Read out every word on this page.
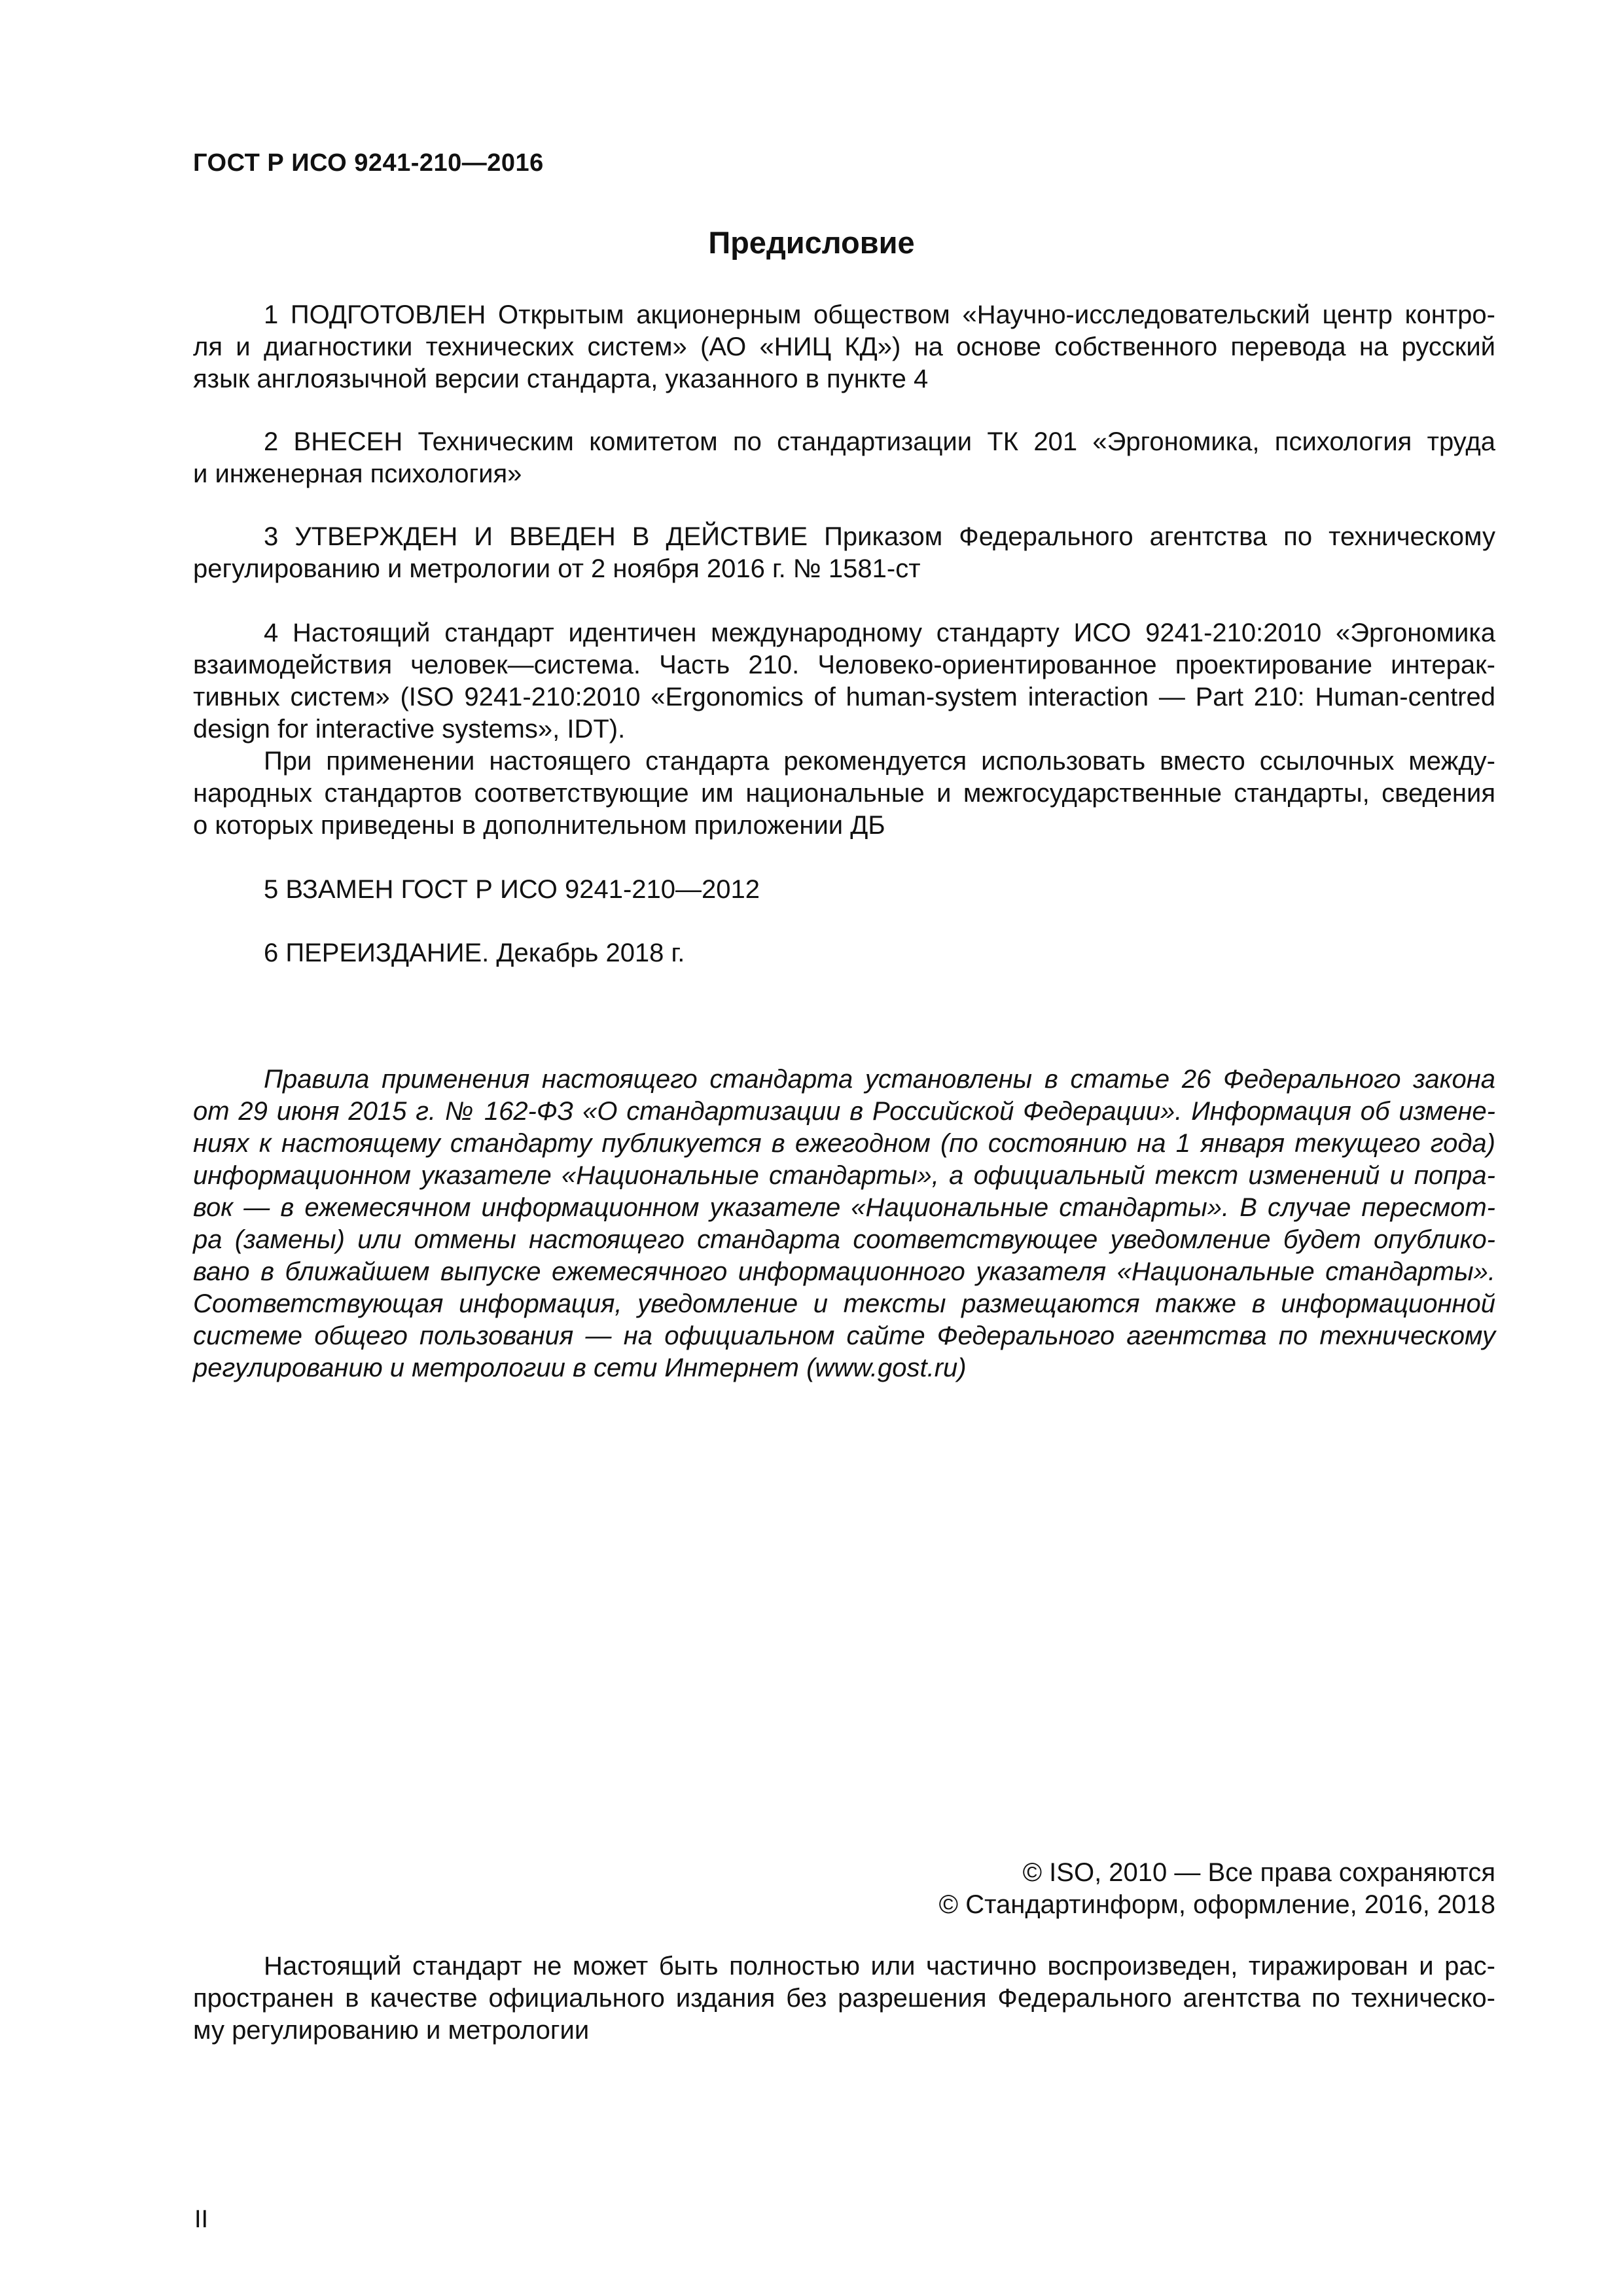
ГОСТ Р ИСО 9241-210—2016
Предисловие
1 ПОДГОТОВЛЕН Открытым акционерным обществом «Научно-исследовательский центр контро-
ля и диагностики технических систем» (АО «НИЦ КД») на основе собственного перевода на русский
язык англоязычной версии стандарта, указанного в пункте 4
2 ВНЕСЕН Техническим комитетом по стандартизации ТК 201 «Эргономика, психология труда
и инженерная психология»
3 УТВЕРЖДЕН И ВВЕДЕН В ДЕЙСТВИЕ Приказом Федерального агентства по техническому
регулированию и метрологии от 2 ноября 2016 г. № 1581-ст
4 Настоящий стандарт идентичен международному стандарту ИСО 9241-210:2010 «Эргономика
взаимодействия человек—система. Часть 210. Человеко-ориентированное проектирование интерак-
тивных систем» (ISO 9241-210:2010 «Ergonomics of human-system interaction — Part 210: Human-centred
design for interactive systems», IDT).
При применении настоящего стандарта рекомендуется использовать вместо ссылочных между-
народных стандартов соответствующие им национальные и межгосударственные стандарты, сведения
о которых приведены в дополнительном приложении ДБ
5 ВЗАМЕН ГОСТ Р ИСО 9241-210—2012
6 ПЕРЕИЗДАНИЕ. Декабрь 2018 г.
Правила применения настоящего стандарта установлены в статье 26 Федерального закона
от 29 июня 2015 г. № 162-ФЗ «О стандартизации в Российской Федерации». Информация об измене-
ниях к настоящему стандарту публикуется в ежегодном (по состоянию на 1 января текущего года)
информационном указателе «Национальные стандарты», а официальный текст изменений и попра-
вок — в ежемесячном информационном указателе «Национальные стандарты». В случае пересмот-
ра (замены) или отмены настоящего стандарта соответствующее уведомление будет опублико-
вано в ближайшем выпуске ежемесячного информационного указателя «Национальные стандарты».
Соответствующая информация, уведомление и тексты размещаются также в информационной
системе общего пользования — на официальном сайте Федерального агентства по техническому
регулированию и метрологии в сети Интернет (www.gost.ru)
© ISO, 2010 — Все права сохраняются
© Стандартинформ, оформление, 2016, 2018
Настоящий стандарт не может быть полностью или частично воспроизведен, тиражирован и рас-
пространен в качестве официального издания без разрешения Федерального агентства по техническо-
му регулированию и метрологии
II
